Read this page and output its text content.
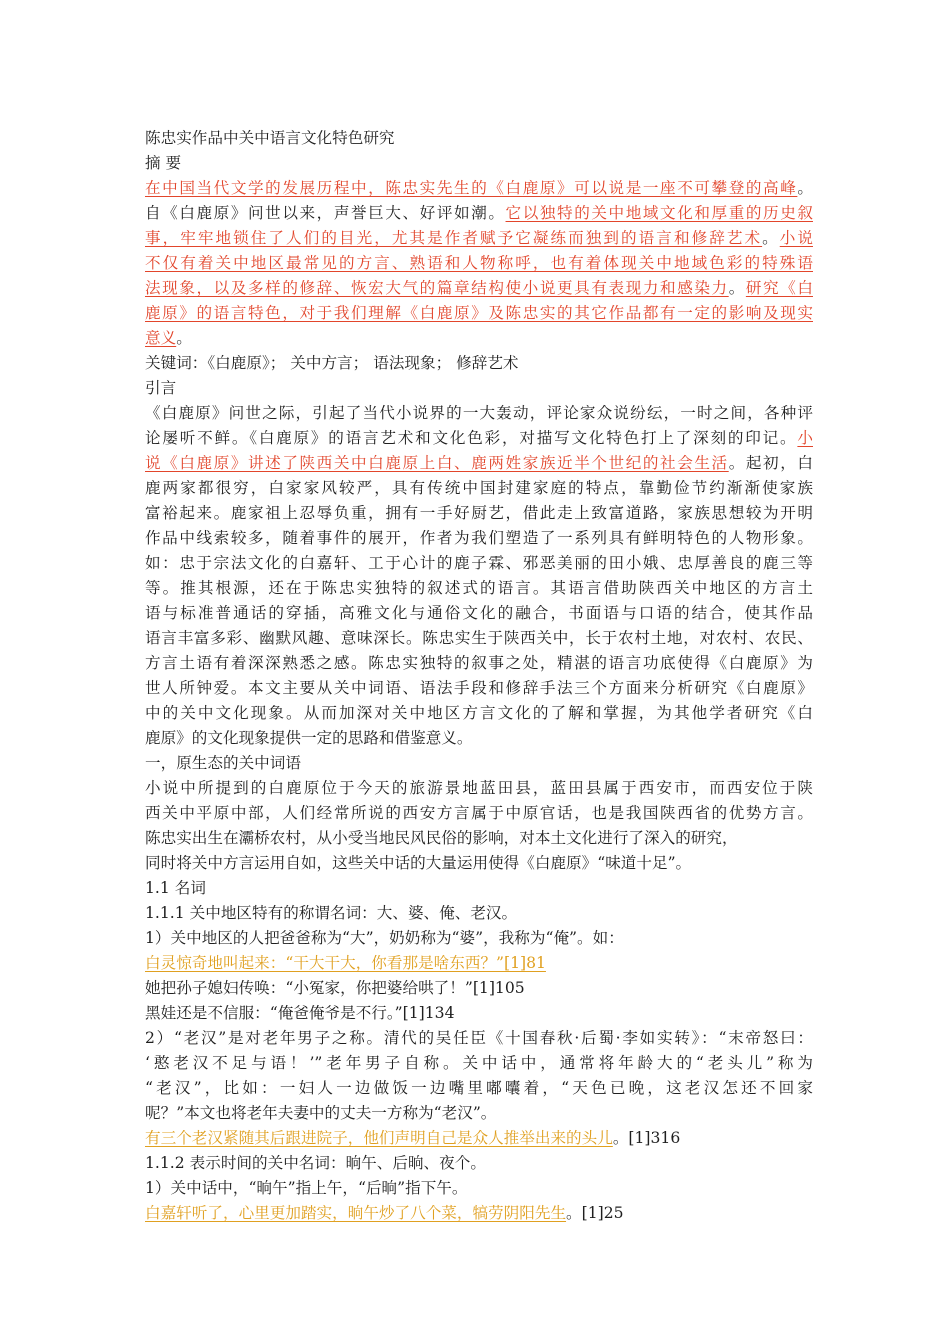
陈忠实作品中关中语言文化特色研究
摘 要
在中国当代文学的发展历程中，陈忠实先生的《白鹿原》可以说是一座不可攀登的高峰。
自《白鹿原》问世以来，声誉巨大、好评如潮。它以独特的关中地域文化和厚重的历史叙
事，牢牢地锁住了人们的目光，尤其是作者赋予它凝练而独到的语言和修辞艺术。小说
不仅有着关中地区最常见的方言、熟语和人物称呼，也有着体现关中地域色彩的特殊语
法现象，以及多样的修辞、恢宏大气的篇章结构使小说更具有表现力和感染力。研究《白
鹿原》的语言特色，对于我们理解《白鹿原》及陈忠实的其它作品都有一定的影响及现实
意义。
关键词：《白鹿原》； 关中方言； 语法现象； 修辞艺术
引言
《白鹿原》问世之际，引起了当代小说界的一大轰动，评论家众说纷纭，一时之间，各种评
论屡听不鲜。《白鹿原》的语言艺术和文化色彩，对描写文化特色打上了深刻的印记。小
说《白鹿原》讲述了陕西关中白鹿原上白、鹿两姓家族近半个世纪的社会生活。起初，白
鹿两家都很穷，白家家风较严，具有传统中国封建家庭的特点，靠勤俭节约渐渐使家族
富裕起来。鹿家祖上忍辱负重，拥有一手好厨艺，借此走上致富道路，家族思想较为开明
作品中线索较多，随着事件的展开，作者为我们塑造了一系列具有鲜明特色的人物形象。
如：忠于宗法文化的白嘉轩、工于心计的鹿子霖、邪恶美丽的田小娥、忠厚善良的鹿三等
等。推其根源，还在于陈忠实独特的叙述式的语言。其语言借助陕西关中地区的方言土
语与标准普通话的穿插，高雅文化与通俗文化的融合，书面语与口语的结合，使其作品
语言丰富多彩、幽默风趣、意味深长。陈忠实生于陕西关中，长于农村土地，对农村、农民、
方言土语有着深深熟悉之感。陈忠实独特的叙事之处，精湛的语言功底使得《白鹿原》为
世人所钟爱。本文主要从关中词语、语法手段和修辞手法三个方面来分析研究《白鹿原》
中的关中文化现象。从而加深对关中地区方言文化的了解和掌握，为其他学者研究《白
鹿原》的文化现象提供一定的思路和借鉴意义。
一，原生态的关中词语
小说中所提到的白鹿原位于今天的旅游景地蓝田县，蓝田县属于西安市，而西安位于陕
西关中平原中部，人们经常所说的西安方言属于中原官话，也是我国陕西省的优势方言。
陈忠实出生在灞桥农村，从小受当地民风民俗的影响，对本土文化进行了深入的研究，
同时将关中方言运用自如，这些关中话的大量运用使得《白鹿原》“味道十足”。
1.1 名词
1.1.1 关中地区特有的称谓名词：大、婆、俺、老汉。
1）关中地区的人把爸爸称为“大”，奶奶称为“婆”，我称为“俺”。如：
白灵惊奇地叫起来：“干大干大，你看那是啥东西？”[1]81
她把孙子媳妇传唤：“小冤家，你把婆给哄了！”[1]105
黑娃还是不信服：“俺爸俺爷是不行。”[1]134
2）“老汉”是对老年男子之称。清代的吴任臣《十国春秋·后蜀·李如实转》：“末帝怒曰：
‘憨老汉不足与语！’”老年男子自称。关中话中，通常将年龄大的“老头儿”称为
“老汉”，比如：一妇人一边做饭一边嘴里嘟囔着，“天色已晚，这老汉怎还不回家
呢？”本文也将老年夫妻中的丈夫一方称为“老汉”。
有三个老汉紧随其后跟进院子，他们声明自己是众人推举出来的头儿。[1]316
1.1.2 表示时间的关中名词：晌午、后晌、夜个。
1）关中话中，“晌午”指上午，“后晌”指下午。
白嘉轩听了，心里更加踏实，晌午炒了八个菜，犒劳阴阳先生。[1]25
